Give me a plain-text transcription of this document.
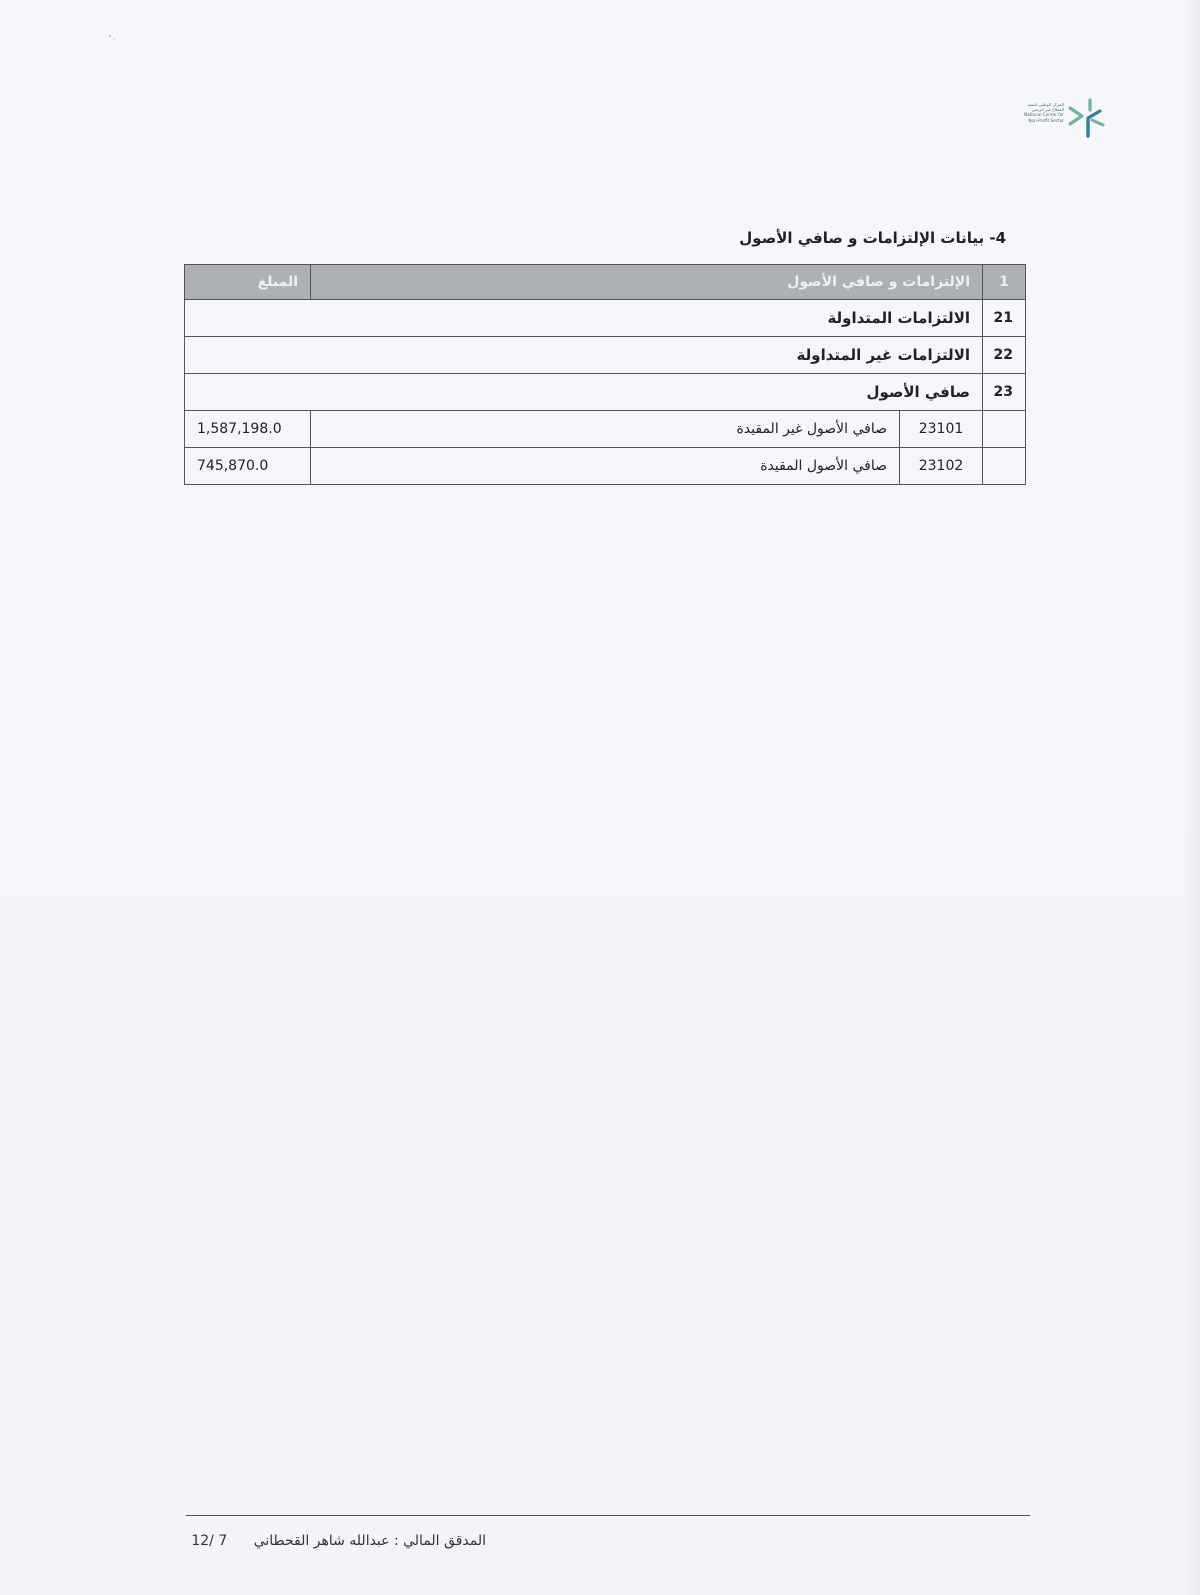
المركز الوطني لتنمية
القطاع غير الربحي
National Center for
Non-Profit Sector
4- بيانات الإلتزامات و صافي الأصول
1	الإلتزامات و صافي الأصول		المبلغ
21	الالتزامات المتداولة		
22	الالتزامات غير المتداولة		
23	صافي الأصول		
	23101	صافي الأصول غير المقيدة	1,587,198.0
	23102	صافي الأصول المقيدة	745,870.0
المدقق المالي : عبدالله شاهر القحطاني 12/ 7
